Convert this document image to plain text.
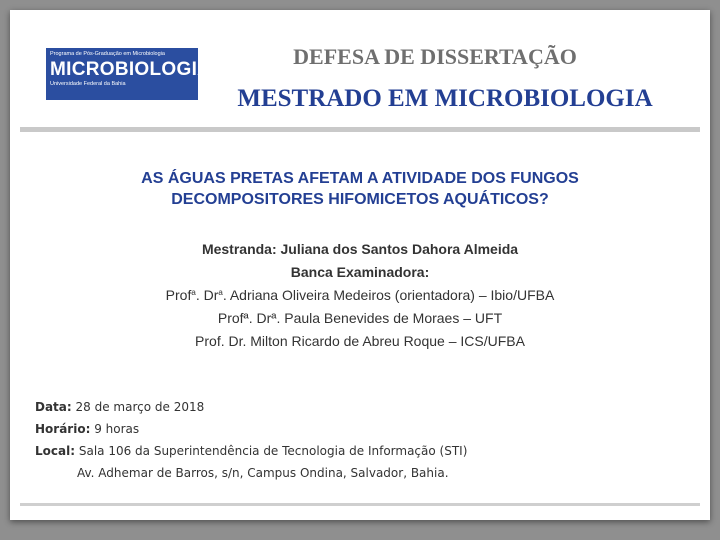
Programa de Pós-Graduação em Microbiologia
MICROBIOLOGIA
Universidade Federal da Bahia
DEFESA DE DISSERTAÇÃO
MESTRADO EM MICROBIOLOGIA
AS ÁGUAS PRETAS AFETAM A ATIVIDADE DOS FUNGOS
DECOMPOSITORES HIFOMICETOS AQUÁTICOS?
Mestranda: Juliana dos Santos Dahora Almeida
Banca Examinadora:
Prof$^a$. Dr$^a$. Adriana Oliveira Medeiros (orientadora) – Ibio/UFBA
Profª. Drª. Paula Benevides de Moraes – UFT
Prof. Dr. Milton Ricardo de Abreu Roque – ICS/UFBA
Data: 28 de março de 2018
Horário: 9 horas
Local: Sala 106 da Superintendência de Tecnologia de Informação (STI)
Av. Adhemar de Barros, s/n, Campus Ondina, Salvador, Bahia.
